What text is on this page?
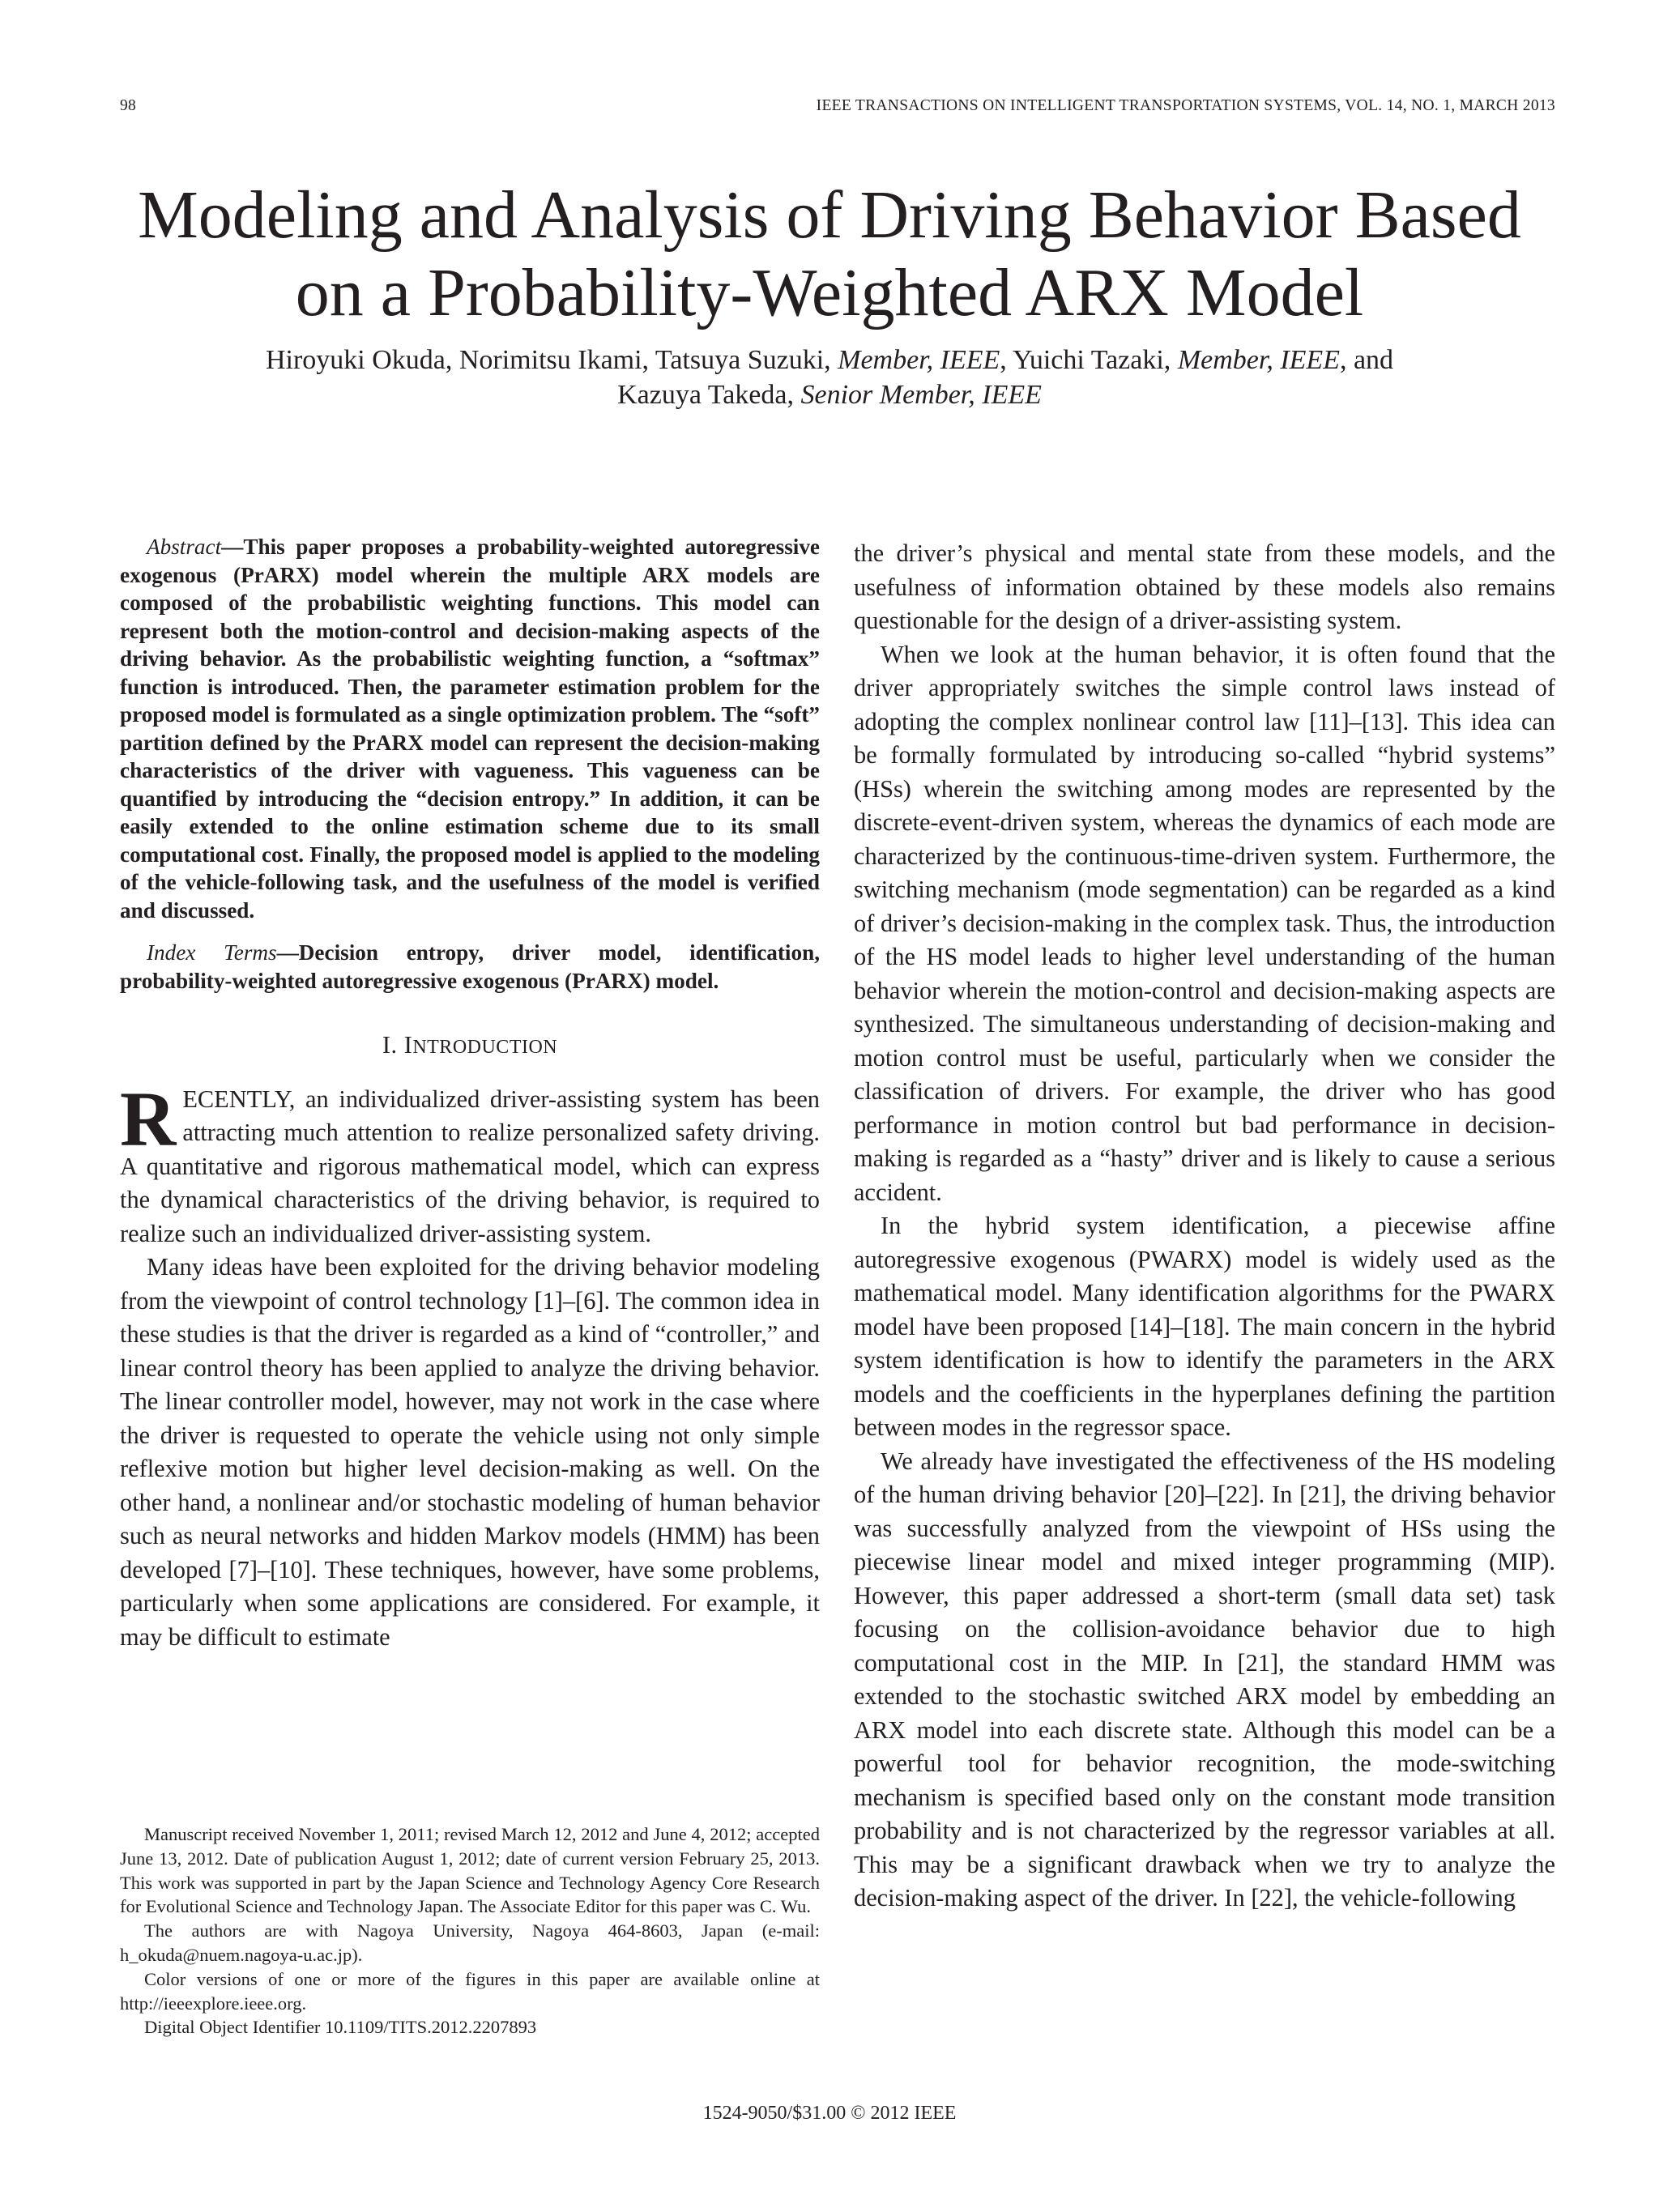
98	IEEE TRANSACTIONS ON INTELLIGENT TRANSPORTATION SYSTEMS, VOL. 14, NO. 1, MARCH 2013
Modeling and Analysis of Driving Behavior Based
on a Probability-Weighted ARX Model
Hiroyuki Okuda, Norimitsu Ikami, Tatsuya Suzuki, Member, IEEE, Yuichi Tazaki, Member, IEEE, and
Kazuya Takeda, Senior Member, IEEE

Abstract—This paper proposes a probability-weighted autoregressive exogenous (PrARX) model wherein the multiple ARX models are composed of the probabilistic weighting functions. This model can represent both the motion-control and decision-making aspects of the driving behavior. As the probabilistic weighting function, a “softmax” function is introduced. Then, the parameter estimation problem for the proposed model is formulated as a single optimization problem. The “soft” partition defined by the PrARX model can represent the decision-making characteristics of the driver with vagueness. This vagueness can be quantified by introducing the “decision entropy.” In addition, it can be easily extended to the online estimation scheme due to its small computational cost. Finally, the proposed model is applied to the modeling of the vehicle-following task, and the usefulness of the model is verified and discussed.

Index Terms—Decision entropy, driver model, identification, probability-weighted autoregressive exogenous (PrARX) model.

I. INTRODUCTION

RECENTLY, an individualized driver-assisting system has been attracting much attention to realize personalized safety driving. A quantitative and rigorous mathematical model, which can express the dynamical characteristics of the driving behavior, is required to realize such an individualized driver-assisting system.

Many ideas have been exploited for the driving behavior modeling from the viewpoint of control technology [1]–[6]. The common idea in these studies is that the driver is regarded as a kind of “controller,” and linear control theory has been applied to analyze the driving behavior. The linear controller model, however, may not work in the case where the driver is requested to operate the vehicle using not only simple reflexive motion but higher level decision-making as well. On the other hand, a nonlinear and/or stochastic modeling of human behavior such as neural networks and hidden Markov models (HMM) has been developed [7]–[10]. These techniques, however, have some problems, particularly when some applications are considered. For example, it may be difficult to estimate

Manuscript received November 1, 2011; revised March 12, 2012 and June 4, 2012; accepted June 13, 2012. Date of publication August 1, 2012; date of current version February 25, 2013. This work was supported in part by the Japan Science and Technology Agency Core Research for Evolutional Science and Technology Japan. The Associate Editor for this paper was C. Wu.

The authors are with Nagoya University, Nagoya 464-8603, Japan (e-mail: h_okuda@nuem.nagoya-u.ac.jp).

Color versions of one or more of the figures in this paper are available online at http://ieeexplore.ieee.org.

Digital Object Identifier 10.1109/TITS.2012.2207893

the driver’s physical and mental state from these models, and the usefulness of information obtained by these models also remains questionable for the design of a driver-assisting system.

When we look at the human behavior, it is often found that the driver appropriately switches the simple control laws instead of adopting the complex nonlinear control law [11]–[13]. This idea can be formally formulated by introducing so-called “hybrid systems” (HSs) wherein the switching among modes are represented by the discrete-event-driven system, whereas the dynamics of each mode are characterized by the continuous-time-driven system. Furthermore, the switching mechanism (mode segmentation) can be regarded as a kind of driver’s decision-making in the complex task. Thus, the introduction of the HS model leads to higher level understanding of the human behavior wherein the motion-control and decision-making aspects are synthesized. The simultaneous understanding of decision-making and motion control must be useful, particularly when we consider the classification of drivers. For example, the driver who has good performance in motion control but bad performance in decision-making is regarded as a “hasty” driver and is likely to cause a serious accident.

In the hybrid system identification, a piecewise affine autoregressive exogenous (PWARX) model is widely used as the mathematical model. Many identification algorithms for the PWARX model have been proposed [14]–[18]. The main concern in the hybrid system identification is how to identify the parameters in the ARX models and the coefficients in the hyperplanes defining the partition between modes in the regressor space.

We already have investigated the effectiveness of the HS modeling of the human driving behavior [20]–[22]. In [21], the driving behavior was successfully analyzed from the viewpoint of HSs using the piecewise linear model and mixed integer programming (MIP). However, this paper addressed a short-term (small data set) task focusing on the collision-avoidance behavior due to high computational cost in the MIP. In [21], the standard HMM was extended to the stochastic switched ARX model by embedding an ARX model into each discrete state. Although this model can be a powerful tool for behavior recognition, the mode-switching mechanism is specified based only on the constant mode transition probability and is not characterized by the regressor variables at all. This may be a significant drawback when we try to analyze the decision-making aspect of the driver. In [22], the vehicle-following

1524-9050/$31.00 © 2012 IEEE
